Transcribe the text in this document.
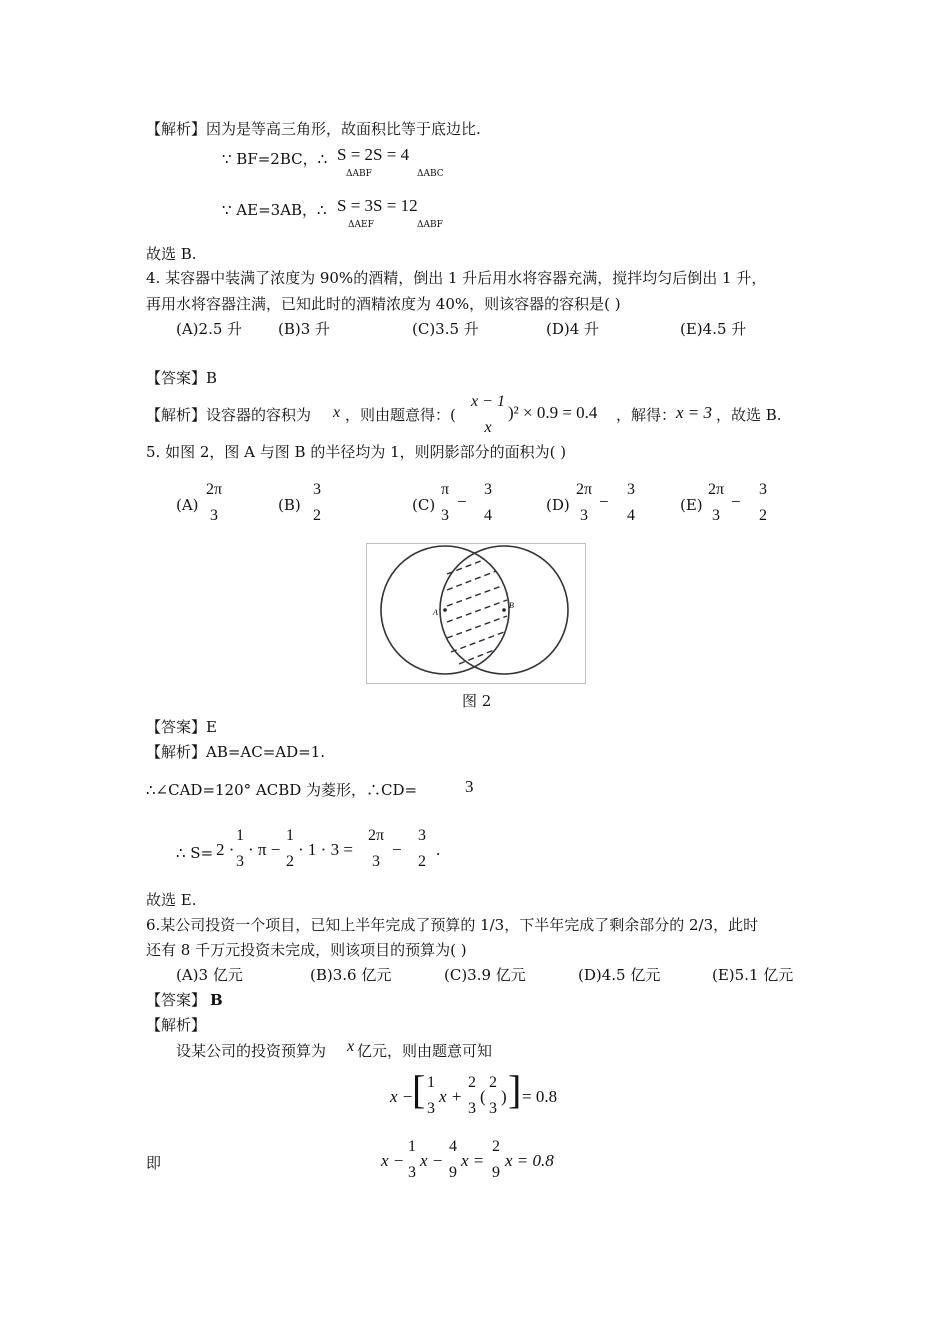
【解析】因为是等高三角形，故面积比等于底边比.
∵ BF=2BC，∴ S = 2S = 4
ΔABF	ΔABC
∵ AE=3AB，∴ S = 3S = 12
ΔAEF	ΔABF
故选 B.
4. 某容器中装满了浓度为 90%的酒精，倒出 1 升后用水将容器充满，搅拌均匀后倒出 1 升，
再用水将容器注满，已知此时的酒精浓度为 40%，则该容器的容积是( )
(A)2.5 升 (B)3 升	(C)3.5 升	(D)4 升	(E)4.5 升
【答案】B
【解析】设容器的容积为 x ，则由题意得：(
x − 1
x
)² × 0.9 = 0.4 ，解得： x = 3 ，故选 B.
5. 如图 2，图 A 与图 B 的半径均为 1，则阴影部分的面积为( )
(A)
2π
3
(B)
3
2
(C)
π
3
−
3
4
(D)
2π
3
−
3
4
(E)
2π
3
−
3
2
A
B
图 2
【答案】E
【解析】AB=AC=AD=1.
∴∠CAD=120° ACBD 为菱形，∴CD=	3
∴ S= 2 ·
1
3
· π −
1
2
· 1 · 3 =
2π
3
−
3
2
.
故选 E.
6.某公司投资一个项目，已知上半年完成了预算的 1/3，下半年完成了剩余部分的 2/3，此时
还有 8 千万元投资未完成，则该项目的预算为( )
(A)3 亿元	(B)3.6 亿元	(C)3.9 亿元	(D)4.5 亿元	(E)5.1 亿元
【答案】 B
【解析】
设某公司的投资预算为 x 亿元，则由题意可知
x −
[ 1
3
x +
2
3
(
2
3
) ] = 0.8
即	x −
1
3
x −
4
9
x =
2
9
x = 0.8
